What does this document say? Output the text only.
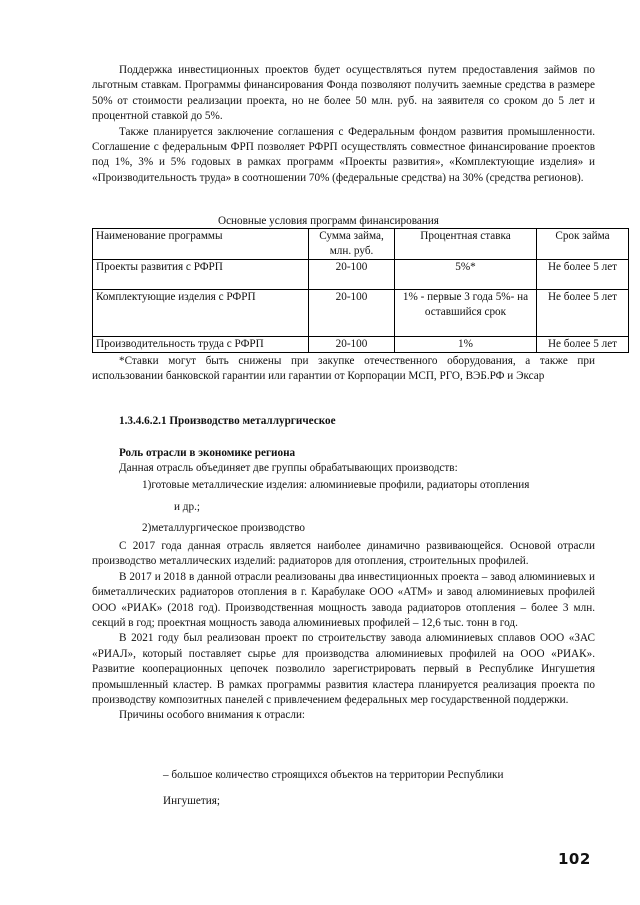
Поддержка инвестиционных проектов будет осуществляться путем предоставления займов по льготным ставкам. Программы финансирования Фонда позволяют получить заемные средства в размере 50% от стоимости реализации проекта, но не более 50 млн. руб. на заявителя со сроком до 5 лет и процентной ставкой до 5%.

Также планируется заключение соглашения с Федеральным фондом развития промышленности. Соглашение с федеральным ФРП позволяет РФРП осуществлять совместное финансирование проектов под 1%, 3% и 5% годовых в рамках программ «Проекты развития», «Комплектующие изделия» и «Производительность труда» в соотношении 70% (федеральные средства) на 30% (средства регионов).

Основные условия программ финансирования
Наименование программы	Сумма займа, млн. руб.	Процентная ставка	Срок займа
Проекты развития с РФРП	20-100	5%*	Не более 5 лет
Комплектующие изделия с РФРП	20-100	1% - первые 3 года 5%- на оставшийся срок	Не более 5 лет
Производительность труда с РФРП	20-100	1%	Не более 5 лет

*Ставки могут быть снижены при закупке отечественного оборудования, а также при использовании банковской гарантии или гарантии от Корпорации МСП, РГО, ВЭБ.РФ и Эксар

1.3.4.6.2.1 Производство металлургическое
Роль отрасли в экономике региона
Данная отрасль объединяет две группы обрабатывающих производств:
1)готовые металлические изделия: алюминиевые профили, радиаторы отопления
и др.;
2)металлургическое производство

С 2017 года данная отрасль является наиболее динамично развивающейся. Основой отрасли производство металлических изделий: радиаторов для отопления, строительных профилей.

В 2017 и 2018 в данной отрасли реализованы два инвестиционных проекта – завод алюминиевых и биметаллических радиаторов отопления в г. Карабулаке ООО «АТМ» и завод алюминиевых профилей ООО «РИАК» (2018 год). Производственная мощность завода радиаторов отопления – более 3 млн. секций в год; проектная мощность завода алюминиевых профилей – 12,6 тыс. тонн в год.

В 2021 году был реализован проект по строительству завода алюминиевых сплавов ООО «ЗАС «РИАЛ», который поставляет сырье для производства алюминиевых профилей на ООО «РИАК». Развитие кооперационных цепочек позволило зарегистрировать первый в Республике Ингушетия промышленный кластер. В рамках программы развития кластера планируется реализация проекта по производству композитных панелей с привлечением федеральных мер государственной поддержки.

Причины особого внимания к отрасли:

– большое количество строящихся объектов на территории Республики
Ингушетия;
102
